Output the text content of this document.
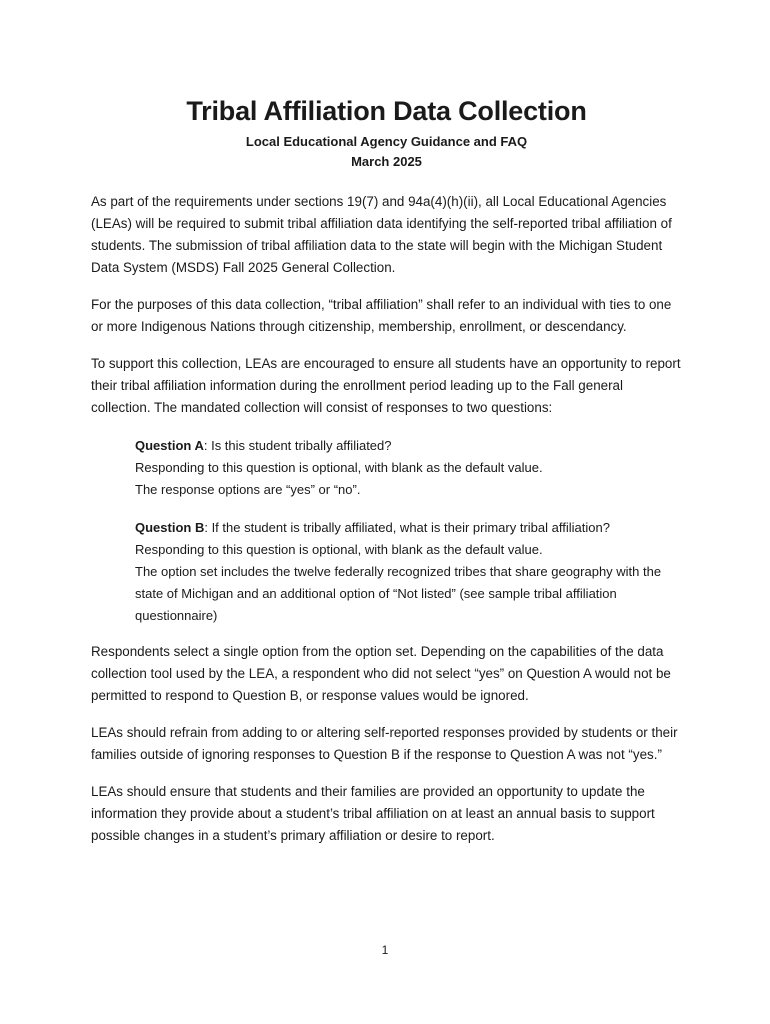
Tribal Affiliation Data Collection
Local Educational Agency Guidance and FAQ
March 2025

As part of the requirements under sections 19(7) and 94a(4)(h)(ii), all Local Educational Agencies (LEAs) will be required to submit tribal affiliation data identifying the self-reported tribal affiliation of students. The submission of tribal affiliation data to the state will begin with the Michigan Student Data System (MSDS) Fall 2025 General Collection.

For the purposes of this data collection, “tribal affiliation” shall refer to an individual with ties to one or more Indigenous Nations through citizenship, membership, enrollment, or descendancy.

To support this collection, LEAs are encouraged to ensure all students have an opportunity to report their tribal affiliation information during the enrollment period leading up to the Fall general collection. The mandated collection will consist of responses to two questions:

Question A: Is this student tribally affiliated?
Responding to this question is optional, with blank as the default value.
The response options are “yes” or “no”.
Question B: If the student is tribally affiliated, what is their primary tribal affiliation?
Responding to this question is optional, with blank as the default value.
The option set includes the twelve federally recognized tribes that share geography with the state of Michigan and an additional option of “Not listed” (see sample tribal affiliation questionnaire)

Respondents select a single option from the option set. Depending on the capabilities of the data collection tool used by the LEA, a respondent who did not select “yes” on Question A would not be permitted to respond to Question B, or response values would be ignored.

LEAs should refrain from adding to or altering self-reported responses provided by students or their families outside of ignoring responses to Question B if the response to Question A was not “yes.”

LEAs should ensure that students and their families are provided an opportunity to update the information they provide about a student’s tribal affiliation on at least an annual basis to support possible changes in a student’s primary affiliation or desire to report.

1
